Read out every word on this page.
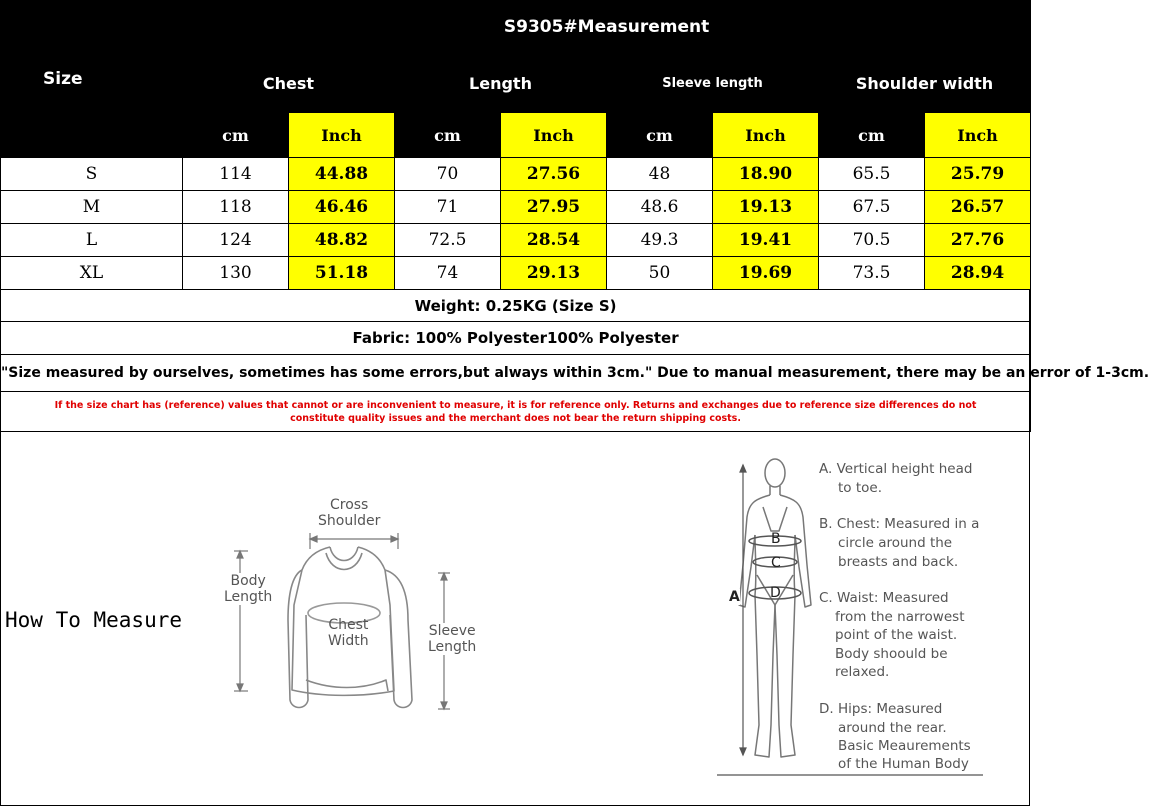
Size	S9305#Measurement							
	Chest		Length		Sleeve length		Shoulder width	
	cm	Inch	cm	Inch	cm	Inch	cm	Inch
S	114	44.88	70	27.56	48	18.90	65.5	25.79
M	118	46.46	71	27.95	48.6	19.13	67.5	26.57
L	124	48.82	72.5	28.54	49.3	19.41	70.5	27.76
XL	130	51.18	74	29.13	50	19.69	73.5	28.94
Weight: 0.25KG (Size S)								
Fabric: 100% Polyester100% Polyester								
"Size measured by ourselves, sometimes has some errors,but always within 3cm." Due to manual measurement, there may be an error of 1-3cm.								

If the size chart has (reference) values that cannot or are inconvenient to measure, it is for reference only. Returns and exchanges due to reference size differences do not
constitute quality issues and the merchant does not bear the return shipping costs.								
How To Measure
Cross
Shoulder
Body
Length
Chest
Width
Sleeve
Length
A
B
C
D
A. Vertical height head
to toe.
B. Chest: Measured in a
circle around the
breasts and back.
C. Waist: Measured
from the narrowest
point of the waist.
Body shoould be
relaxed.
D. Hips: Measured
around the rear.
Basic Meaurements
of the Human Body
